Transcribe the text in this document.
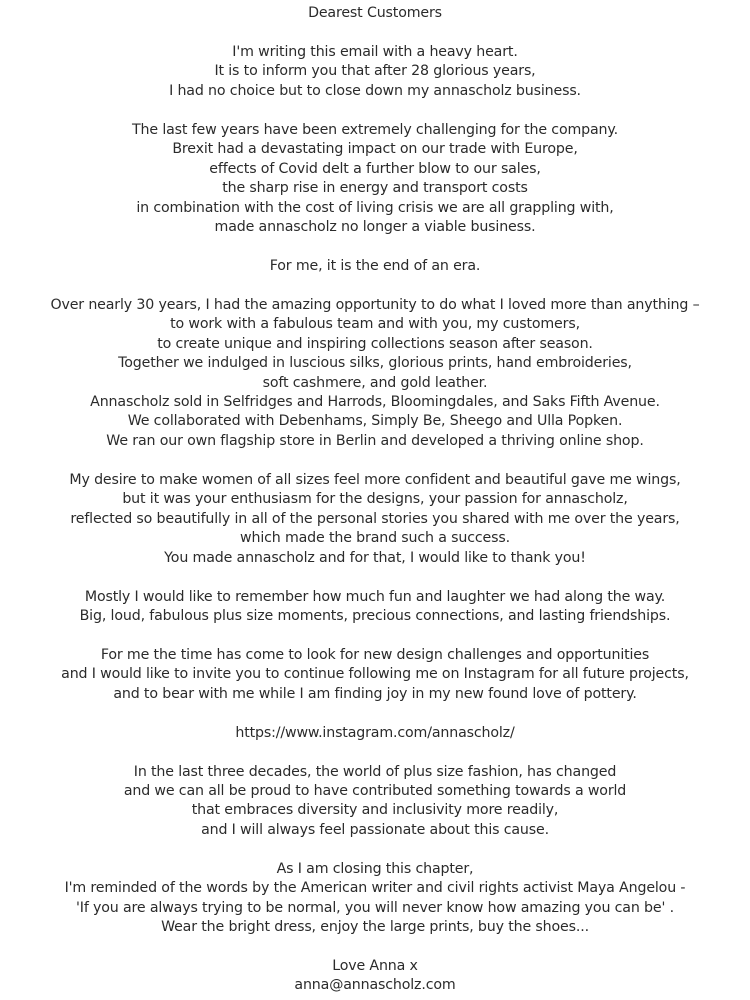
Dearest Customers
I'm writing this email with a heavy heart.
It is to inform you that after 28 glorious years,
I had no choice but to close down my annascholz business.
The last few years have been extremely challenging for the company.
Brexit had a devastating impact on our trade with Europe,
effects of Covid delt a further blow to our sales,
the sharp rise in energy and transport costs
in combination with the cost of living crisis we are all grappling with,
made annascholz no longer a viable business.
For me, it is the end of an era.
Over nearly 30 years, I had the amazing opportunity to do what I loved more than anything –
to work with a fabulous team and with you, my customers,
to create unique and inspiring collections season after season.
Together we indulged in luscious silks, glorious prints, hand embroideries,
soft cashmere, and gold leather.
Annascholz sold in Selfridges and Harrods, Bloomingdales, and Saks Fifth Avenue.
We collaborated with Debenhams, Simply Be, Sheego and Ulla Popken.
We ran our own flagship store in Berlin and developed a thriving online shop.
My desire to make women of all sizes feel more confident and beautiful gave me wings,
but it was your enthusiasm for the designs, your passion for annascholz,
reflected so beautifully in all of the personal stories you shared with me over the years,
which made the brand such a success.
You made annascholz and for that, I would like to thank you!
Mostly I would like to remember how much fun and laughter we had along the way.
Big, loud, fabulous plus size moments, precious connections, and lasting friendships.
For me the time has come to look for new design challenges and opportunities
and I would like to invite you to continue following me on Instagram for all future projects,
and to bear with me while I am finding joy in my new found love of pottery.
https://www.instagram.com/annascholz/
In the last three decades, the world of plus size fashion, has changed
and we can all be proud to have contributed something towards a world
that embraces diversity and inclusivity more readily,
and I will always feel passionate about this cause.
As I am closing this chapter,
I'm reminded of the words by the American writer and civil rights activist Maya Angelou -
'If you are always trying to be normal, you will never know how amazing you can be' .
Wear the bright dress, enjoy the large prints, buy the shoes...
Love Anna x
anna@annascholz.com
